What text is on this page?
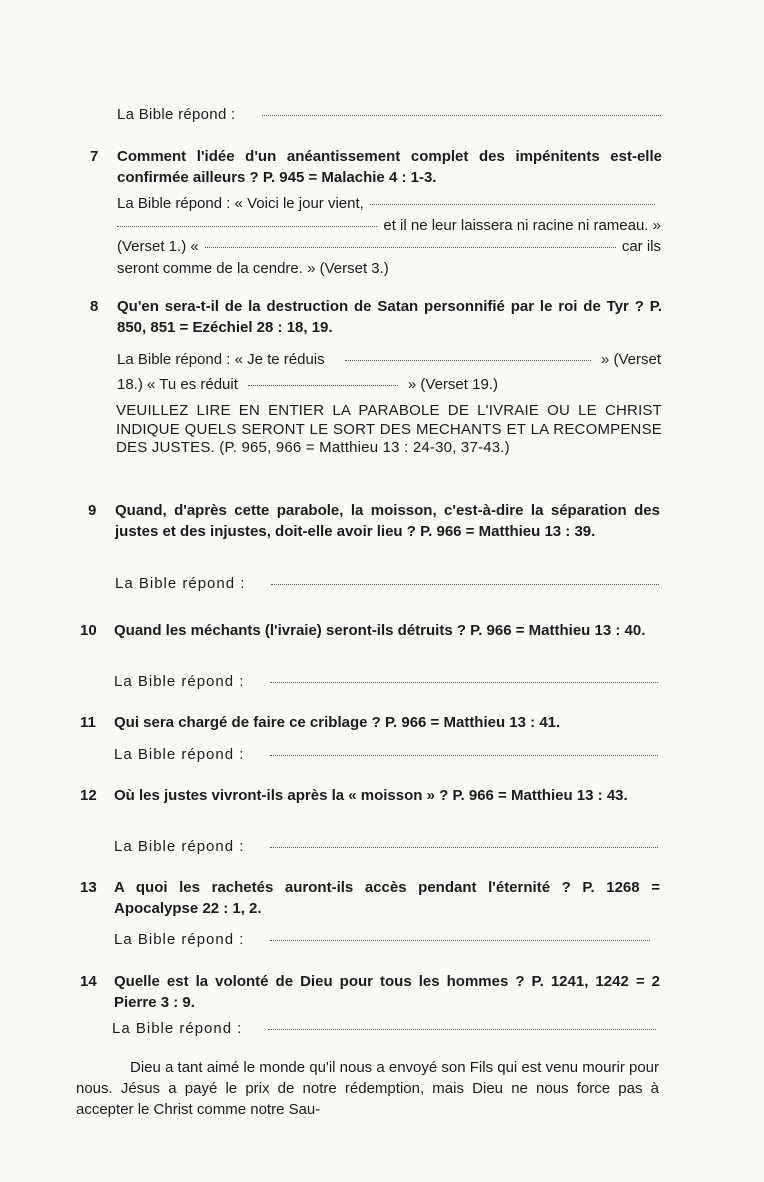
La Bible répond :
7 Comment l'idée d'un anéantissement complet des impénitents est-elle confirmée ailleurs ? P. 945 = Malachie 4 : 1-3.
La Bible répond : « Voici le jour vient,
et il ne leur laissera ni racine ni rameau. »
(Verset 1.) «	car ils
seront comme de la cendre. » (Verset 3.)
8 Qu'en sera-t-il de la destruction de Satan personnifié par le roi de Tyr ? P. 850, 851 = Ezéchiel 28 : 18, 19.
La Bible répond : « Je te réduis	» (Verset
18.) « Tu es réduit	» (Verset 19.)
VEUILLEZ LIRE EN ENTIER LA PARABOLE DE L'IVRAIE OU LE CHRIST INDIQUE QUELS SERONT LE SORT DES MECHANTS ET LA RECOMPENSE DES JUSTES. (P. 965, 966 = Matthieu 13 : 24-30, 37-43.)
9 Quand, d'après cette parabole, la moisson, c'est-à-dire la séparation des justes et des injustes, doit-elle avoir lieu ? P. 966 = Matthieu 13 : 39.
La Bible répond :
10 Quand les méchants (l'ivraie) seront-ils détruits ? P. 966 = Matthieu 13 : 40.
La Bible répond :
11 Qui sera chargé de faire ce criblage ? P. 966 = Matthieu 13 : 41.
La Bible répond :
12 Où les justes vivront-ils après la « moisson » ? P. 966 = Matthieu 13 : 43.
La Bible répond :
13 A quoi les rachetés auront-ils accès pendant l'éternité ? P. 1268 = Apocalypse 22 : 1, 2.
La Bible répond :
14 Quelle est la volonté de Dieu pour tous les hommes ? P. 1241, 1242 = 2 Pierre 3 : 9.
La Bible répond :
Dieu a tant aimé le monde qu'il nous a envoyé son Fils qui est venu mourir pour nous. Jésus a payé le prix de notre rédemption, mais Dieu ne nous force pas à accepter le Christ comme notre Sau-
